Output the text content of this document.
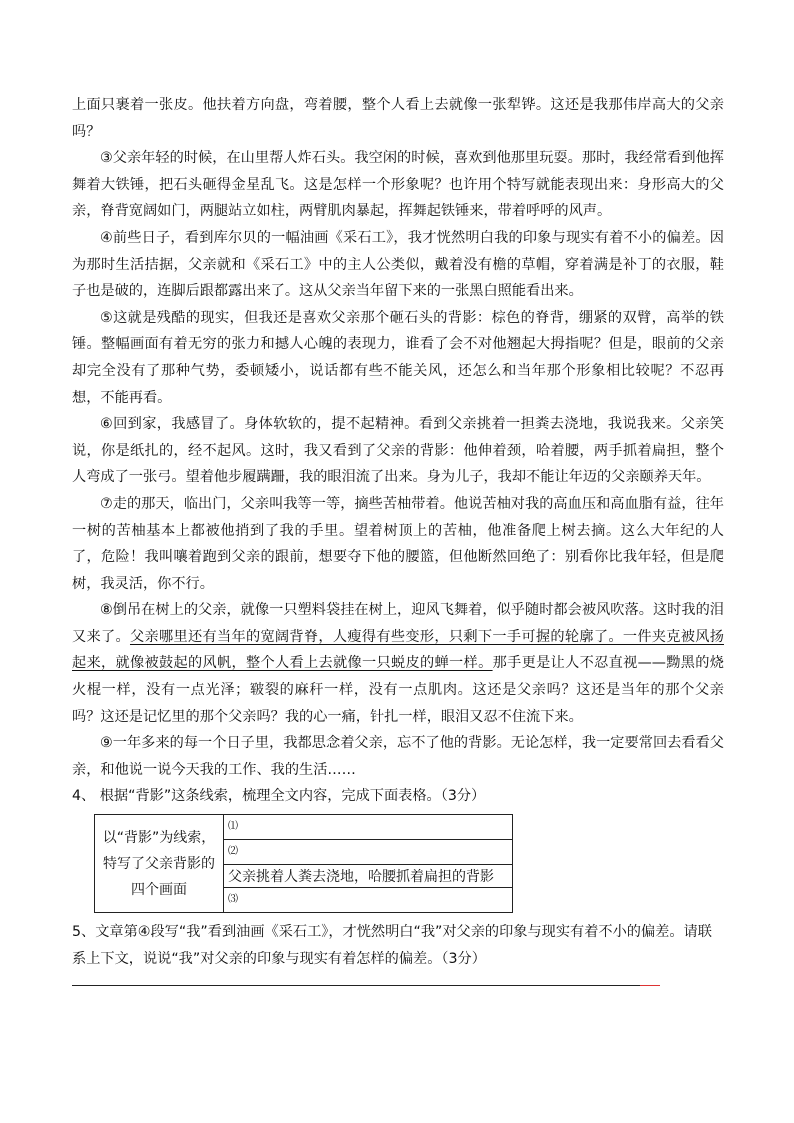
上面只裹着一张皮。他扶着方向盘，弯着腰，整个人看上去就像一张犁铧。这还是我那伟岸高大的父亲吗？

③父亲年轻的时候，在山里帮人炸石头。我空闲的时候，喜欢到他那里玩耍。那时，我经常看到他挥舞着大铁锤，把石头砸得金星乱飞。这是怎样一个形象呢？也许用个特写就能表现出来：身形高大的父亲，脊背宽阔如门，两腿站立如柱，两臂肌肉暴起，挥舞起铁锤来，带着呼呼的风声。

④前些日子，看到库尔贝的一幅油画《采石工》，我才恍然明白我的印象与现实有着不小的偏差。因为那时生活拮据，父亲就和《采石工》中的主人公类似，戴着没有檐的草帽，穿着满是补丁的衣服，鞋子也是破的，连脚后跟都露出来了。这从父亲当年留下来的一张黑白照能看出来。

⑤这就是残酷的现实，但我还是喜欢父亲那个砸石头的背影：棕色的脊背，绷紧的双臂，高举的铁锤。整幅画面有着无穷的张力和撼人心魄的表现力，谁看了会不对他翘起大拇指呢？但是，眼前的父亲却完全没有了那种气势，委顿矮小，说话都有些不能关风，还怎么和当年那个形象相比较呢？不忍再想，不能再看。

⑥回到家，我感冒了。身体软软的，提不起精神。看到父亲挑着一担粪去浇地，我说我来。父亲笑说，你是纸扎的，经不起风。这时，我又看到了父亲的背影：他伸着颈，哈着腰，两手抓着扁担，整个人弯成了一张弓。望着他步履蹒跚，我的眼泪流了出来。身为儿子，我却不能让年迈的父亲颐养天年。

⑦走的那天，临出门，父亲叫我等一等，摘些苦柚带着。他说苦柚对我的高血压和高血脂有益，往年一树的苦柚基本上都被他捎到了我的手里。望着树顶上的苦柚，他准备爬上树去摘。这么大年纪的人了，危险！我叫嚷着跑到父亲的跟前，想要夺下他的腰篮，但他断然回绝了：别看你比我年轻，但是爬树，我灵活，你不行。

⑧倒吊在树上的父亲，就像一只塑料袋挂在树上，迎风飞舞着，似乎随时都会被风吹落。这时我的泪又来了。父亲哪里还有当年的宽阔背脊，人瘦得有些变形，只剩下一手可握的轮廓了。一件夹克被风扬起来，就像被鼓起的风帆，整个人看上去就像一只蜕皮的蝉一样。那手更是让人不忍直视——黝黑的烧火棍一样，没有一点光泽；皲裂的麻秆一样，没有一点肌肉。这还是父亲吗？这还是当年的那个父亲吗？这还是记忆里的那个父亲吗？我的心一痛，针扎一样，眼泪又忍不住流下来。

⑨一年多来的每一个日子里，我都思念着父亲，忘不了他的背影。无论怎样，我一定要常回去看看父亲，和他说一说今天我的工作、我的生活……

4、 根据“背影”这条线索，梳理全文内容，完成下面表格。（3分）

以“背影”为线索，特写了父亲背影的四个画面	⑴
⑵
父亲挑着人粪去浇地，哈腰抓着扁担的背影
⑶

5、文章第④段写“我”看到油画《采石工》，才恍然明白“我”对父亲的印象与现实有着不小的偏差。请联系上下文，说说“我”对父亲的印象与现实有着怎样的偏差。（3分）
